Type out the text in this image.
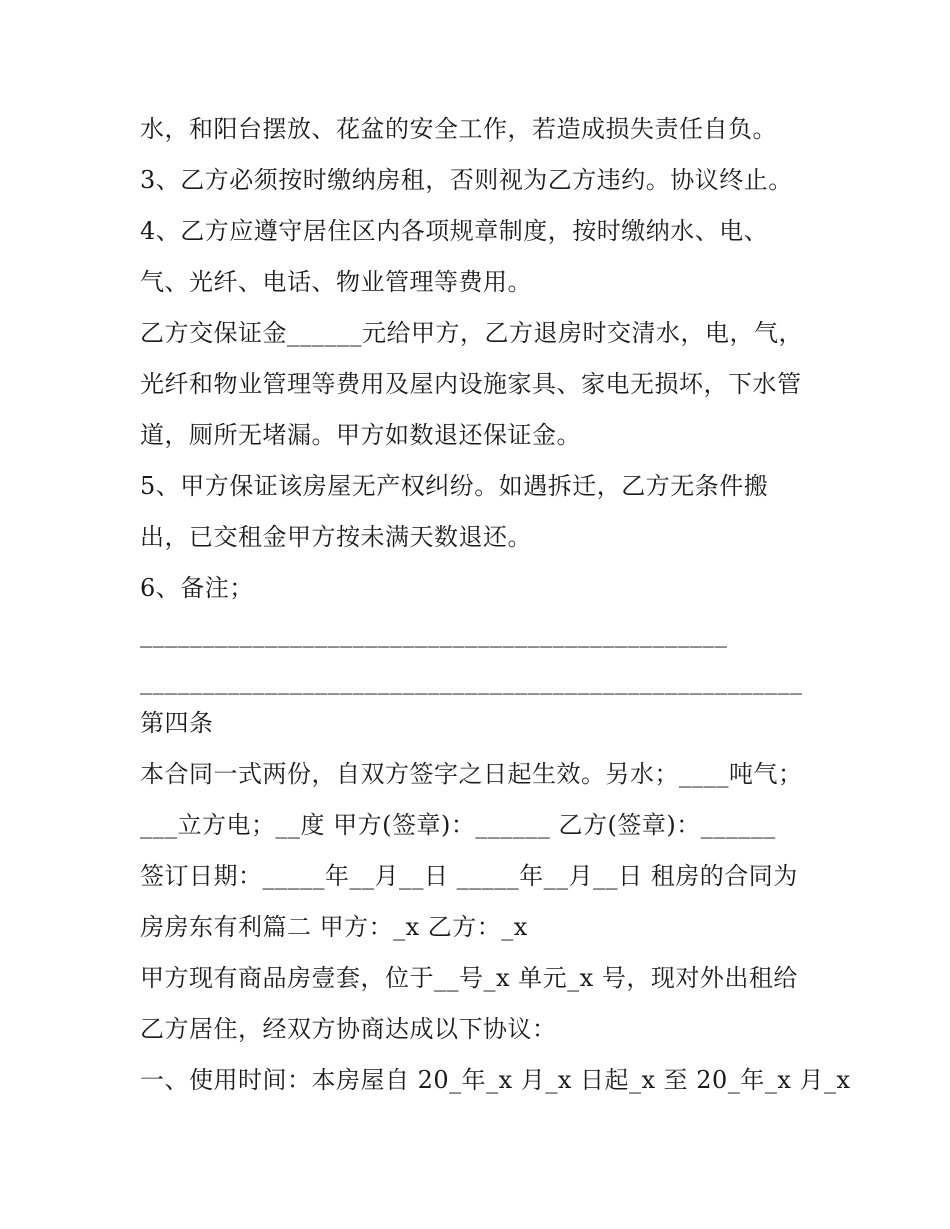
水，和阳台摆放、花盆的安全工作，若造成损失责任自负。
3、乙方必须按时缴纳房租，否则视为乙方违约。协议终止。
4、乙方应遵守居住区内各项规章制度，按时缴纳水、电、
气、光纤、电话、物业管理等费用。
乙方交保证金______元给甲方，乙方退房时交清水，电，气，
光纤和物业管理等费用及屋内设施家具、家电无损坏，下水管
道，厕所无堵漏。甲方如数退还保证金。
5、甲方保证该房屋无产权纠纷。如遇拆迁，乙方无条件搬
出，已交租金甲方按未满天数退还。
6、备注；
_______________________________________________
_____________________________________________________
第四条
本合同一式两份，自双方签字之日起生效。另水；____吨气；
___立方电；__度 甲方(签章)：______ 乙方(签章)：______
签订日期：_____年__月__日 _____年__月__日 租房的合同为
房房东有利篇二 甲方：_x 乙方：_x
甲方现有商品房壹套，位于__号_x 单元_x 号，现对外出租给
乙方居住，经双方协商达成以下协议：
一、使用时间：本房屋自 20_年_x 月_x 日起_x 至 20_年_x 月_x
